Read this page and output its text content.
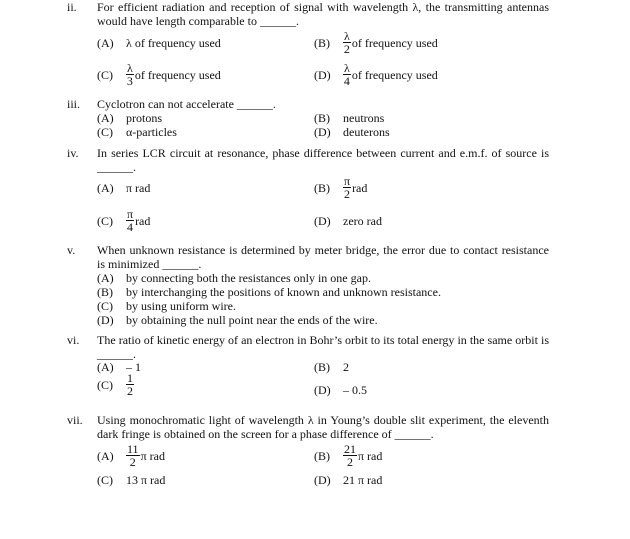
ii. For efficient radiation and reception of signal with wavelength λ, the transmitting antennas would have length comparable to ______.
(A)	λ of frequency used	(B)	$\frac{\lambda}{2}$ of frequency used
(C)	$\frac{\lambda}{3}$ of frequency used	(D)	$\frac{\lambda}{4}$ of frequency used
iii. Cyclotron can not accelerate ______.
(A)	protons	(B)	neutrons
(C)	α-particles	(D)	deuterons
iv. In series LCR circuit at resonance, phase difference between current and e.m.f. of source is ______.
(A)	π rad	(B)	$\frac{\pi}{2}$ rad
(C)	$\frac{\pi}{4}$ rad	(D)	zero rad
v. When unknown resistance is determined by meter bridge, the error due to contact resistance is minimized ______.
(A)	by connecting both the resistances only in one gap.
(B)	by interchanging the positions of known and unknown resistance.
(C)	by using uniform wire.
(D)	by obtaining the null point near the ends of the wire.
vi. The ratio of kinetic energy of an electron in Bohr’s orbit to its total energy in the same orbit is ______.
(A)	– 1	(B)	2
(C)	$\frac{1}{2}$	(D)	– 0.5
vii. Using monochromatic light of wavelength λ in Young’s double slit experiment, the eleventh dark fringe is obtained on the screen for a phase difference of ______.
(A)	$\frac{11}{2}$ π rad	(B)	$\frac{21}{2}$ π rad
(C)	13 π rad	(D)	21 π rad
